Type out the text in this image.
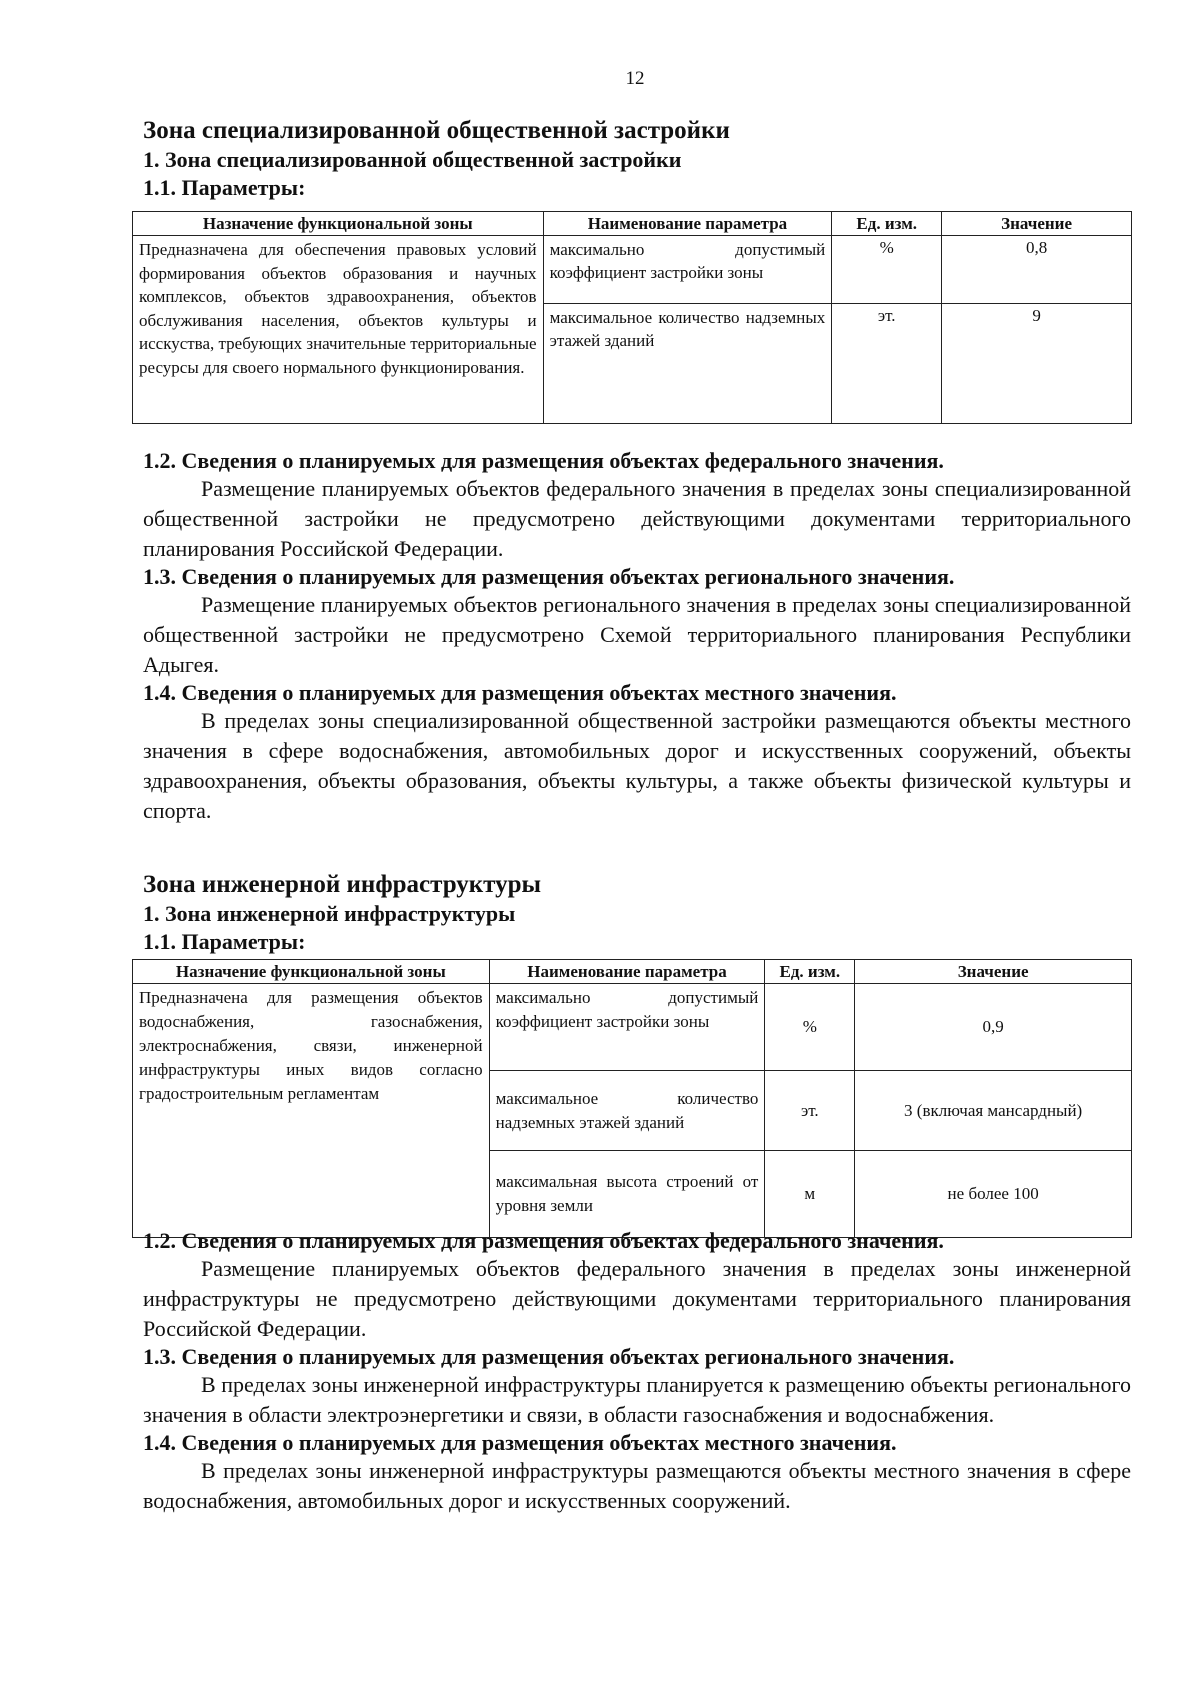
12
Зона специализированной общественной застройки
1. Зона специализированной общественной застройки
1.1. Параметры:
Назначение функциональной зоны	Наименование параметра	Ед. изм.	Значение
Предназначена для обеспечения правовых условий формирования объектов образования и научных комплексов, объектов здравоохранения, объектов обслуживания населения, объектов культуры и исскуства, требующих значительные территориальные ресурсы для своего нормального функционирования.	максимально допустимый коэффициент застройки зоны	%	0,8
	максимальное количество надземных этажей зданий	эт.	9
1.2. Сведения о планируемых для размещения объектах федерального значения.
Размещение планируемых объектов федерального значения в пределах зоны специализированной общественной застройки не предусмотрено действующими документами территориального планирования Российской Федерации.
1.3. Сведения о планируемых для размещения объектах регионального значения.
Размещение планируемых объектов регионального значения в пределах зоны специализированной общественной застройки не предусмотрено Схемой территориального планирования Республики Адыгея.
1.4. Сведения о планируемых для размещения объектах местного значения.
В пределах зоны специализированной общественной застройки размещаются объекты местного значения в сфере водоснабжения, автомобильных дорог и искусственных сооружений, объекты здравоохранения, объекты образования, объекты культуры, а также объекты физической культуры и спорта.
Зона инженерной инфраструктуры
1. Зона инженерной инфраструктуры
1.1. Параметры:
Назначение функциональной зоны	Наименование параметра	Ед. изм.	Значение
Предназначена для размещения объектов водоснабжения, газоснабжения, электроснабжения, связи, инженерной инфраструктуры иных видов согласно градостроительным регламентам	максимально допустимый коэффициент застройки зоны	%	0,9
	максимальное количество надземных этажей зданий	эт.	3 (включая мансардный)
	максимальная высота строений от уровня земли	м	не более 100
1.2. Сведения о планируемых для размещения объектах федерального значения.
Размещение планируемых объектов федерального значения в пределах зоны инженерной инфраструктуры не предусмотрено действующими документами территориального планирования Российской Федерации.
1.3. Сведения о планируемых для размещения объектах регионального значения.
В пределах зоны инженерной инфраструктуры планируется к размещению объекты регионального значения в области электроэнергетики и связи, в области газоснабжения и водоснабжения.
1.4. Сведения о планируемых для размещения объектах местного значения.
В пределах зоны инженерной инфраструктуры размещаются объекты местного значения в сфере водоснабжения, автомобильных дорог и искусственных сооружений.
